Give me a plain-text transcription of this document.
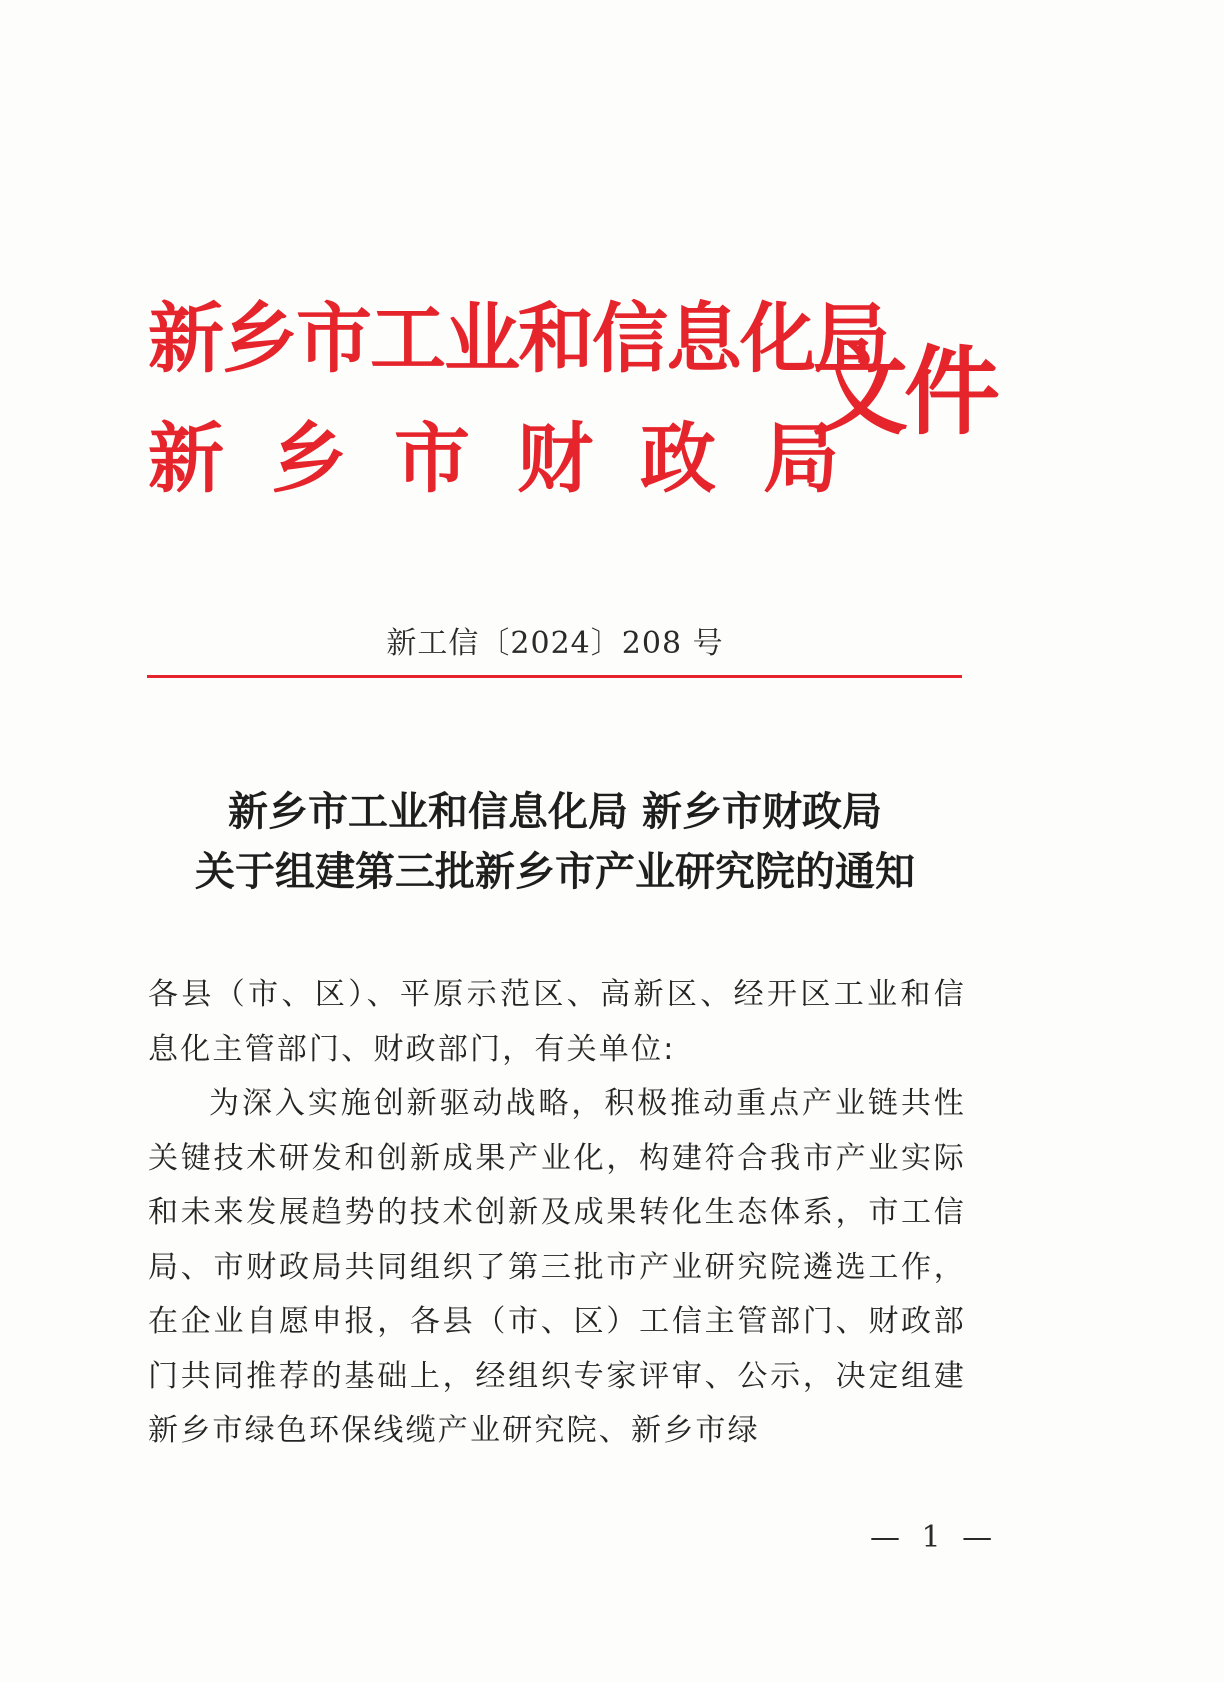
新乡市工业和信息化局
新乡市财政局
文件
新工信〔2024〕208 号
新乡市工业和信息化局 新乡市财政局
关于组建第三批新乡市产业研究院的通知

各县（市、区）、平原示范区、高新区、经开区工业和信息化主管部门、财政部门，有关单位:

为深入实施创新驱动战略，积极推动重点产业链共性关键技术研发和创新成果产业化，构建符合我市产业实际和未来发展趋势的技术创新及成果转化生态体系，市工信局、市财政局共同组织了第三批市产业研究院遴选工作，在企业自愿申报，各县（市、区）工信主管部门、财政部门共同推荐的基础上，经组织专家评审、公示，决定组建新乡市绿色环保线缆产业研究院、新乡市绿

— 1 —
